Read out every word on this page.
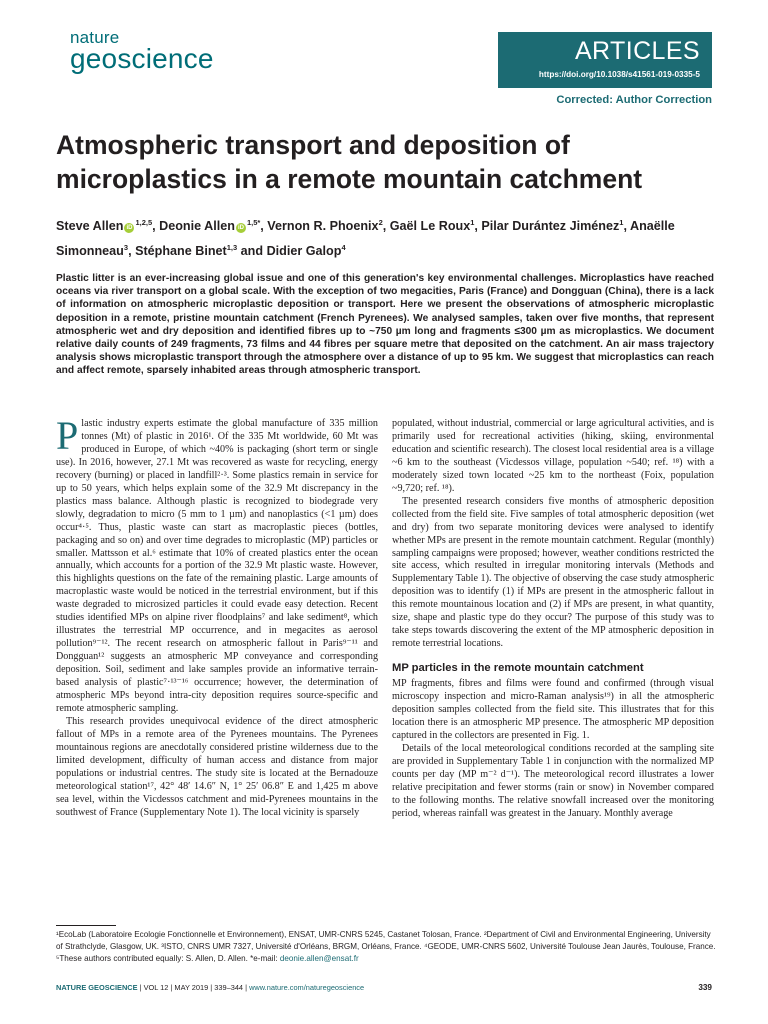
nature
geoscience	ARTICLES
https://doi.org/10.1038/s41561-019-0335-5
Corrected: Author Correction
Atmospheric transport and deposition of microplastics in a remote mountain catchment
Steve Allen iD$^{1,2,5}$, Deonie Allen $iD^{1,5*}$, Vernon R. Phoenix$^2$, Gaël Le Roux$^1$, Pilar Durántez Jiménez$^1$, Anaëlle Simonneau$^3$, Stéphane Binet$^{1,3}$ and Didier Galop$^4$

Plastic litter is an ever-increasing global issue and one of this generation's key environmental challenges. Microplastics have reached oceans via river transport on a global scale. With the exception of two megacities, Paris (France) and Dongguan (China), there is a lack of information on atmospheric microplastic deposition or transport. Here we present the observations of atmospheric microplastic deposition in a remote, pristine mountain catchment (French Pyrenees). We analysed samples, taken over five months, that represent atmospheric wet and dry deposition and identified fibres up to ~750 µm long and fragments ≤300 µm as microplastics. We document relative daily counts of 249 fragments, 73 films and 44 fibres per square metre that deposited on the catchment. An air mass trajectory analysis shows microplastic transport through the atmosphere over a distance of up to 95 km. We suggest that microplastics can reach and affect remote, sparsely inhabited areas through atmospheric transport.

Plastic industry experts estimate the global manufacture of 335 million tonnes (Mt) of plastic in 2016¹. Of the 335 Mt worldwide, 60 Mt was produced in Europe, of which ~40% is packaging (short term or single use). In 2016, however, 27.1 Mt was recovered as waste for recycling, energy recovery (burning) or placed in landfill²·³. Some plastics remain in service for up to 50 years, which helps explain some of the 32.9 Mt discrepancy in the plastics mass balance. Although plastic is recognized to biodegrade very slowly, degradation to micro (5 mm to 1 µm) and nanoplastics (<1 µm) does occur⁴·⁵. Thus, plastic waste can start as macroplastic pieces (bottles, packaging and so on) and over time degrades to microplastic (MP) particles or smaller. Mattsson et al.⁶ estimate that 10% of created plastics enter the ocean annually, which accounts for a portion of the 32.9 Mt plastic waste. However, this highlights questions on the fate of the remaining plastic. Large amounts of macroplastic waste would be noticed in the terrestrial environment, but if this waste degraded to microsized particles it could evade easy detection. Recent studies identified MPs on alpine river floodplains⁷ and lake sediment⁸, which illustrates the terrestrial MP occurrence, and in megacites as aerosol pollution⁹⁻¹². The recent research on atmospheric fallout in Paris⁹⁻¹¹ and Dongguan¹² suggests an atmospheric MP conveyance and corresponding deposition. Soil, sediment and lake samples provide an informative terrain-based analysis of plastic⁷·¹³⁻¹⁶ occurrence; however, the determination of atmospheric MPs beyond intra-city deposition requires source-specific and remote atmospheric sampling.

This research provides unequivocal evidence of the direct atmospheric fallout of MPs in a remote area of the Pyrenees mountains. The Pyrenees mountainous regions are anecdotally considered pristine wilderness due to the limited development, difficulty of human access and distance from major populations or industrial centres. The study site is located at the Bernadouze meteorological station¹⁷, 42° 48′ 14.6″ N, 1° 25′ 06.8″ E and 1,425 m above sea level, within the Vicdessos catchment and mid-Pyrenees mountains in the southwest of France (Supplementary Note 1). The local vicinity is sparsely

populated, without industrial, commercial or large agricultural activities, and is primarily used for recreational activities (hiking, skiing, environmental education and scientific research). The closest local residential area is a village ~6 km to the southeast (Vicdessos village, population ~540; ref. ¹⁸) with a moderately sized town located ~25 km to the northeast (Foix, population ~9,720; ref. ¹⁸).

The presented research considers five months of atmospheric deposition collected from the field site. Five samples of total atmospheric deposition (wet and dry) from two separate monitoring devices were analysed to identify whether MPs are present in the remote mountain catchment. Regular (monthly) sampling campaigns were proposed; however, weather conditions restricted the site access, which resulted in irregular monitoring intervals (Methods and Supplementary Table 1). The objective of observing the case study atmospheric deposition was to identify (1) if MPs are present in the atmospheric fallout in this remote mountainous location and (2) if MPs are present, in what quantity, size, shape and plastic type do they occur? The purpose of this study was to take steps towards discovering the extent of the MP atmospheric deposition in remote terrestrial locations.

MP particles in the remote mountain catchment

MP fragments, fibres and films were found and confirmed (through visual microscopy inspection and micro-Raman analysis¹⁹) in all the atmospheric deposition samples collected from the field site. This illustrates that for this location there is an atmospheric MP presence. The atmospheric MP deposition captured in the collectors are presented in Fig. 1.

Details of the local meteorological conditions recorded at the sampling site are provided in Supplementary Table 1 in conjunction with the normalized MP counts per day (MP m⁻² d⁻¹). The meteorological record illustrates a lower relative precipitation and fewer storms (rain or snow) in November compared to the following months. The relative snowfall increased over the monitoring period, whereas rainfall was greatest in the January. Monthly average

¹EcoLab (Laboratoire Ecologie Fonctionnelle et Environnement), ENSAT, UMR-CNRS 5245, Castanet Tolosan, France. ²Department of Civil and Environmental Engineering, University of Strathclyde, Glasgow, UK. ³ISTO, CNRS UMR 7327, Université d'Orléans, BRGM, Orléans, France. ⁴GEODE, UMR-CNRS 5602, Université Toulouse Jean Jaurès, Toulouse, France. ⁵These authors contributed equally: S. Allen, D. Allen. *e-mail: deonie.allen@ensat.fr

NATURE GEOSCIENCE | VOL 12 | MAY 2019 | 339–344 | www.nature.com/naturegeoscience	339
